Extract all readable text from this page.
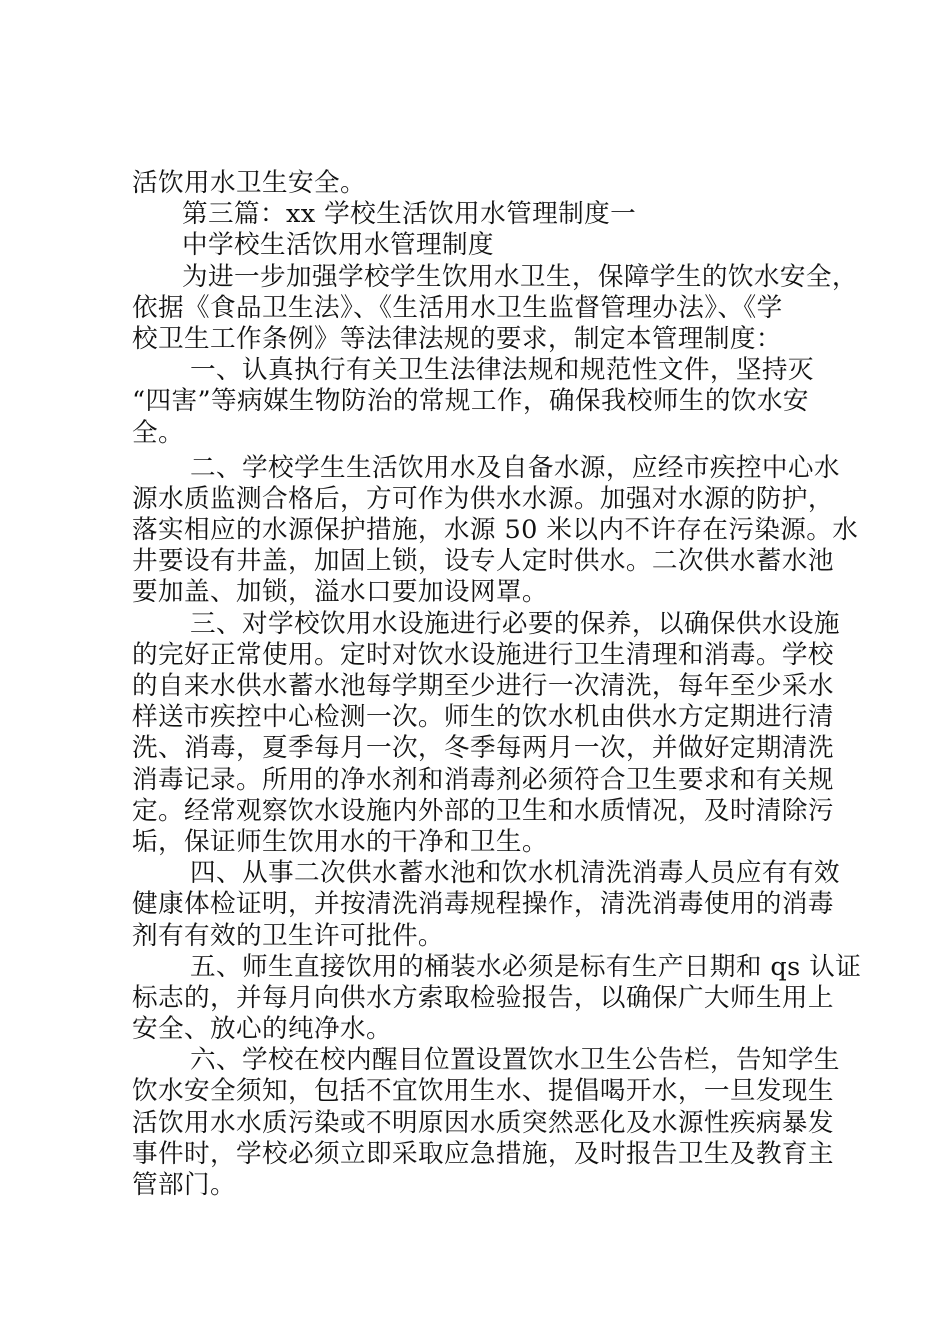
活饮用水卫生安全。

第三篇：xx 学校生活饮用水管理制度一

中学校生活饮用水管理制度

为进一步加强学校学生饮用水卫生，保障学生的饮水安全，

依据《食品卫生法》、《生活用水卫生监督管理办法》、《学

校卫生工作条例》等法律法规的要求，制定本管理制度：

一、认真执行有关卫生法律法规和规范性文件，坚持灭

“四害”等病媒生物防治的常规工作，确保我校师生的饮水安

全。

二、学校学生生活饮用水及自备水源，应经市疾控中心水

源水质监测合格后，方可作为供水水源。加强对水源的防护，

落实相应的水源保护措施，水源 50 米以内不许存在污染源。水

井要设有井盖，加固上锁，设专人定时供水。二次供水蓄水池

要加盖、加锁，溢水口要加设网罩。

三、对学校饮用水设施进行必要的保养，以确保供水设施

的完好正常使用。定时对饮水设施进行卫生清理和消毒。学校

的自来水供水蓄水池每学期至少进行一次清洗，每年至少采水

样送市疾控中心检测一次。师生的饮水机由供水方定期进行清

洗、消毒，夏季每月一次，冬季每两月一次，并做好定期清洗

消毒记录。所用的净水剂和消毒剂必须符合卫生要求和有关规

定。经常观察饮水设施内外部的卫生和水质情况，及时清除污

垢，保证师生饮用水的干净和卫生。

四、从事二次供水蓄水池和饮水机清洗消毒人员应有有效

健康体检证明，并按清洗消毒规程操作，清洗消毒使用的消毒

剂有有效的卫生许可批件。

五、师生直接饮用的桶装水必须是标有生产日期和 qs 认证

标志的，并每月向供水方索取检验报告，以确保广大师生用上

安全、放心的纯净水。

六、学校在校内醒目位置设置饮水卫生公告栏，告知学生

饮水安全须知，包括不宜饮用生水、提倡喝开水，一旦发现生

活饮用水水质污染或不明原因水质突然恶化及水源性疾病暴发

事件时，学校必须立即采取应急措施，及时报告卫生及教育主

管部门。
